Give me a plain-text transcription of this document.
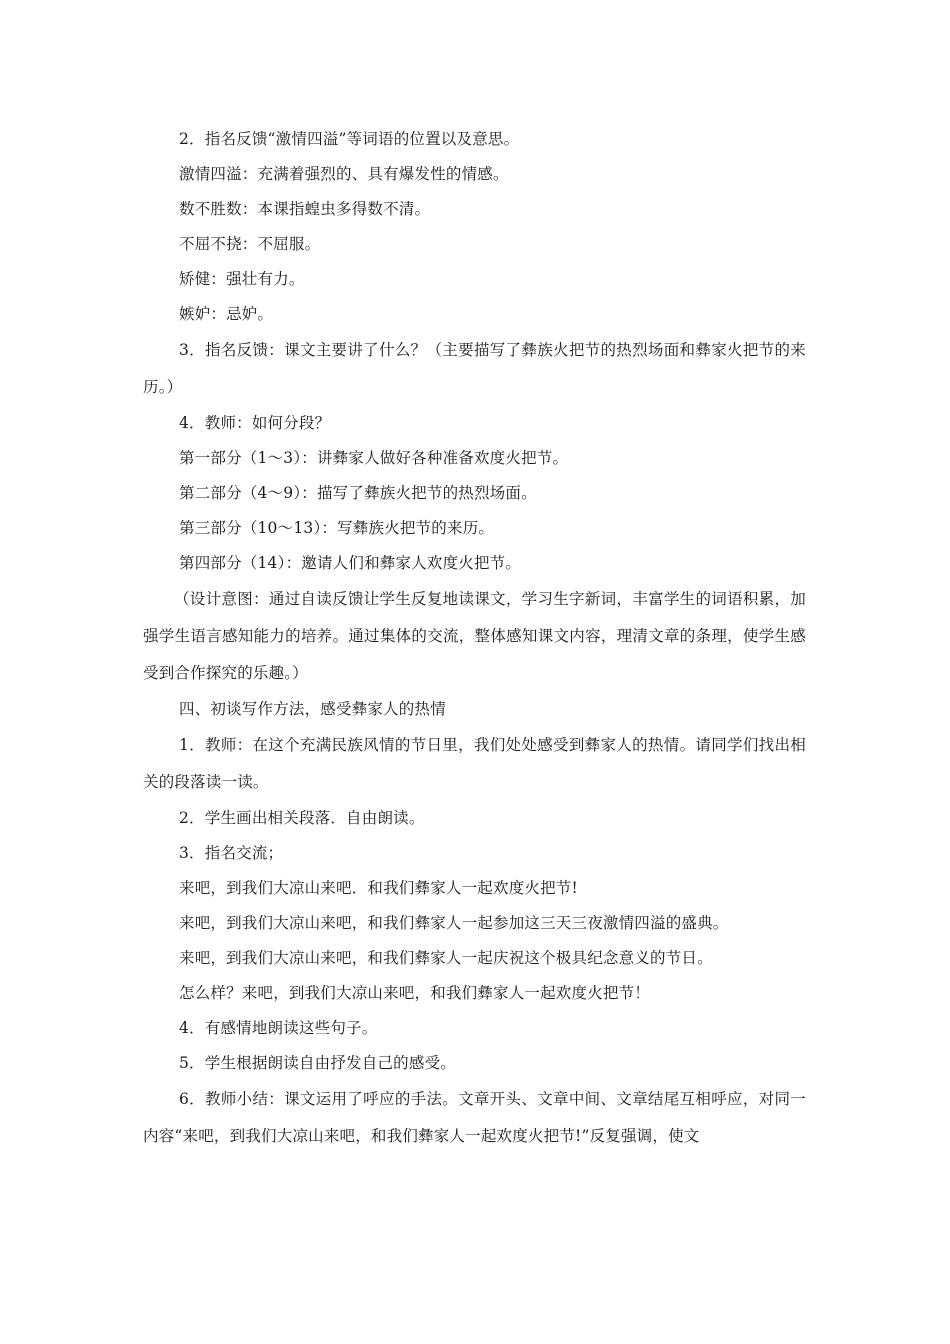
2．指名反馈“激情四溢”等词语的位置以及意思。

激情四溢：充满着强烈的、具有爆发性的情感。

数不胜数：本课指蝗虫多得数不清。

不屈不挠：不屈服。

矫健：强壮有力。

嫉妒：忌妒。

3．指名反馈：课文主要讲了什么？（主要描写了彝族火把节的热烈场面和彝家火把节的来历。）

4．教师：如何分段？

第一部分（1～3）：讲彝家人做好各种准备欢度火把节。

第二部分（4～9）：描写了彝族火把节的热烈场面。

第三部分（10～13）：写彝族火把节的来历。

第四部分（14）：邀请人们和彝家人欢度火把节。

（设计意图：通过自读反馈让学生反复地读课文，学习生字新词，丰富学生的词语积累，加强学生语言感知能力的培养。通过集体的交流，整体感知课文内容，理清文章的条理，使学生感受到合作探究的乐趣。）

四、初谈写作方法，感受彝家人的热情

1．教师：在这个充满民族风情的节日里，我们处处感受到彝家人的热情。请同学们找出相关的段落读一读。

2．学生画出相关段落．自由朗读。

3．指名交流；

来吧，到我们大凉山来吧．和我们彝家人一起欢度火把节!

来吧，到我们大凉山来吧，和我们彝家人一起参加这三天三夜激情四溢的盛典。

来吧，到我们大凉山来吧，和我们彝家人一起庆祝这个极具纪念意义的节日。

怎么样？来吧，到我们大凉山来吧，和我们彝家人一起欢度火把节！

4．有感情地朗读这些句子。

5．学生根据朗读自由抒发自己的感受。

6．教师小结：课文运用了呼应的手法。文章开头、文章中间、文章结尾互相呼应，对同一内容“来吧，到我们大凉山来吧，和我们彝家人一起欢度火把节!”反复强调，使文
